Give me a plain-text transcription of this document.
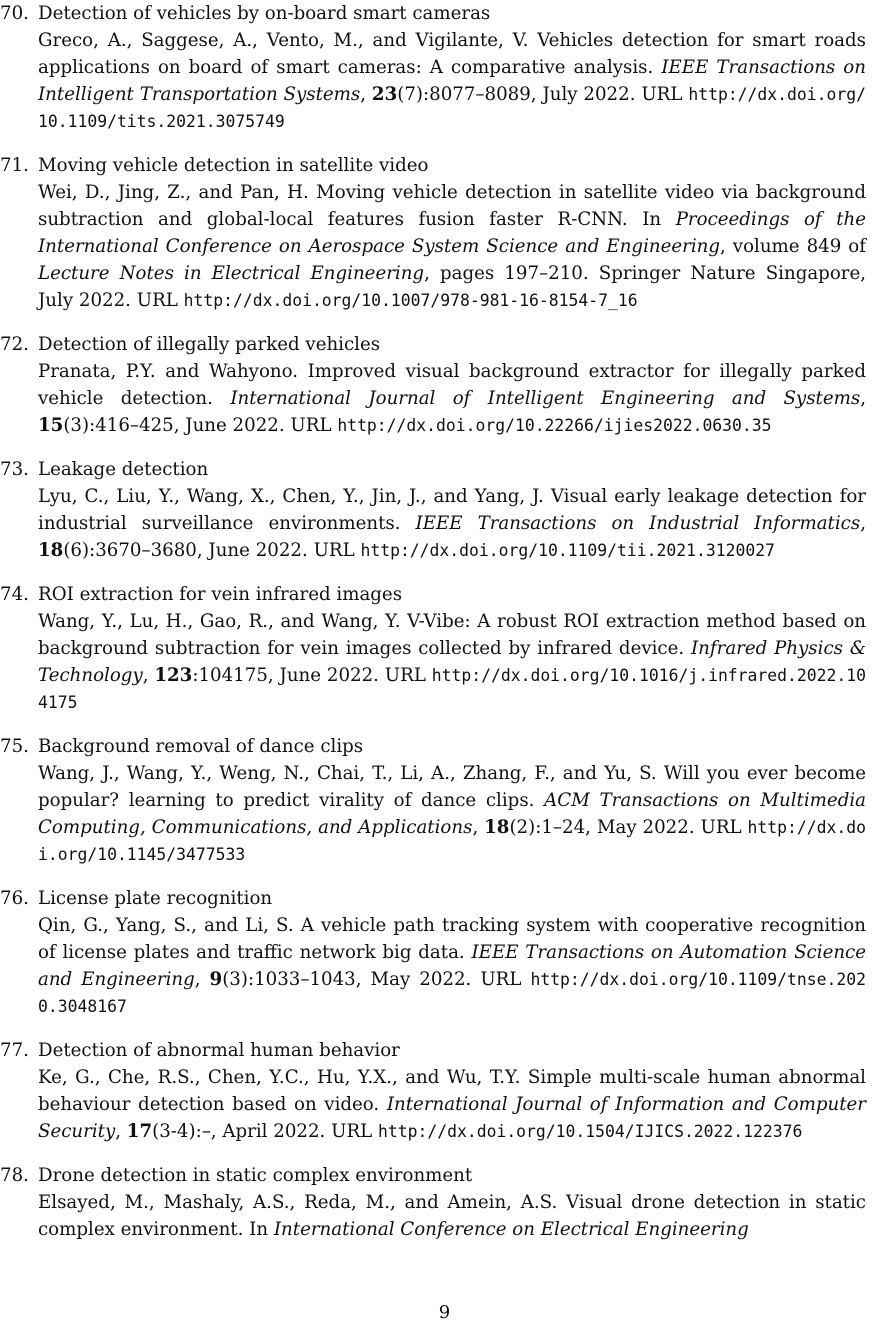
70. Detection of vehicles by on-board smart cameras
Greco, A., Saggese, A., Vento, M., and Vigilante, V. Vehicles detection for smart roads applications on board of smart cameras: A comparative analysis. IEEE Transactions on Intelligent Transportation Systems, 23(7):8077–8089, July 2022. URL http://dx.doi.org/10.1109/tits.2021.3075749
71. Moving vehicle detection in satellite video
Wei, D., Jing, Z., and Pan, H. Moving vehicle detection in satellite video via background subtraction and global-local features fusion faster R-CNN. In Proceedings of the International Conference on Aerospace System Science and Engineering, volume 849 of Lecture Notes in Electrical Engineering, pages 197–210. Springer Nature Singapore, July 2022. URL http://dx.doi.org/10.1007/978-981-16-8154-7_16
72. Detection of illegally parked vehicles
Pranata, P.Y. and Wahyono. Improved visual background extractor for illegally parked vehicle detection. International Journal of Intelligent Engineering and Systems, 15(3):416–425, June 2022. URL http://dx.doi.org/10.22266/ijies2022.0630.35
73. Leakage detection
Lyu, C., Liu, Y., Wang, X., Chen, Y., Jin, J., and Yang, J. Visual early leakage detection for industrial surveillance environments. IEEE Transactions on Industrial Informatics, 18(6):3670–3680, June 2022. URL http://dx.doi.org/10.1109/tii.2021.3120027
74. ROI extraction for vein infrared images
Wang, Y., Lu, H., Gao, R., and Wang, Y. V-Vibe: A robust ROI extraction method based on background subtraction for vein images collected by infrared device. Infrared Physics & Technology, 123:104175, June 2022. URL http://dx.doi.org/10.1016/j.infrared.2022.104175
75. Background removal of dance clips
Wang, J., Wang, Y., Weng, N., Chai, T., Li, A., Zhang, F., and Yu, S. Will you ever become popular? learning to predict virality of dance clips. ACM Transactions on Multimedia Computing, Communications, and Applications, 18(2):1–24, May 2022. URL http://dx.doi.org/10.1145/3477533
76. License plate recognition
Qin, G., Yang, S., and Li, S. A vehicle path tracking system with cooperative recognition of license plates and traffic network big data. IEEE Transactions on Automation Science and Engineering, 9(3):1033–1043, May 2022. URL http://dx.doi.org/10.1109/tnse.2020.3048167
77. Detection of abnormal human behavior
Ke, G., Che, R.S., Chen, Y.C., Hu, Y.X., and Wu, T.Y. Simple multi-scale human abnormal behaviour detection based on video. International Journal of Information and Computer Security, 17(3-4):–, April 2022. URL http://dx.doi.org/10.1504/IJICS.2022.122376
78. Drone detection in static complex environment
Elsayed, M., Mashaly, A.S., Reda, M., and Amein, A.S. Visual drone detection in static complex environment. In International Conference on Electrical Engineering
9
